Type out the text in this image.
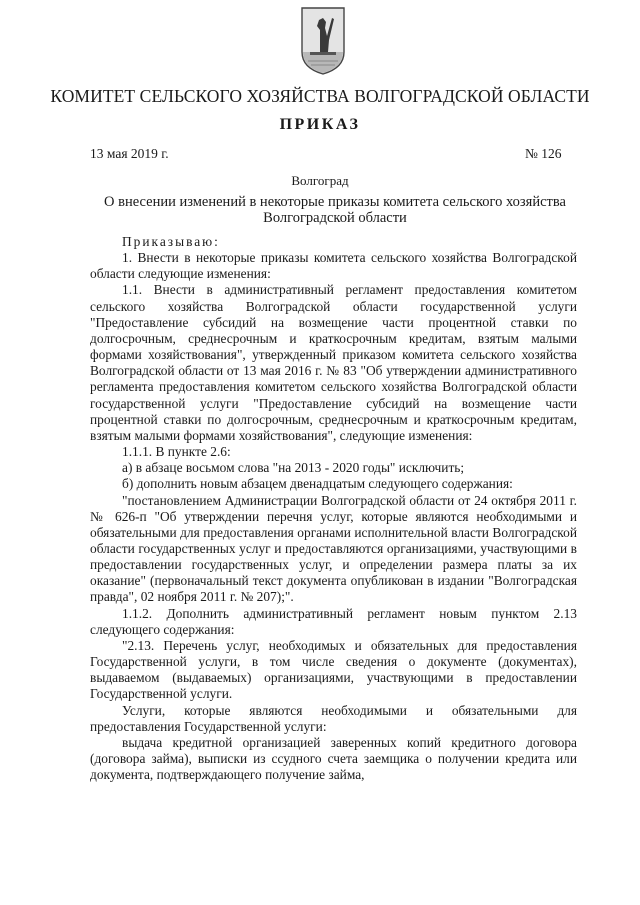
КОМИТЕТ СЕЛЬСКОГО ХОЗЯЙСТВА ВОЛГОГРАДСКОЙ ОБЛАСТИ
ПРИКАЗ
13 мая 2019 г.	№ 126
Волгоград
О внесении изменений в некоторые приказы комитета сельского хозяйства Волгоградской области

Приказываю:

1. Внести в некоторые приказы комитета сельского хозяйства Волгоградской области следующие изменения:

1.1. Внести в административный регламент предоставления комитетом сельского хозяйства Волгоградской области государственной услуги "Предоставление субсидий на возмещение части процентной ставки по долгосрочным, среднесрочным и краткосрочным кредитам, взятым малыми формами хозяйствования", утвержденный приказом комитета сельского хозяйства Волгоградской области от 13 мая 2016 г. № 83 "Об утверждении административного регламента предоставления комитетом сельского хозяйства Волгоградской области государственной услуги "Предоставление субсидий на возмещение части процентной ставки по долгосрочным, среднесрочным и краткосрочным кредитам, взятым малыми формами хозяйствования", следующие изменения:

1.1.1. В пункте 2.6:

а) в абзаце восьмом слова "на 2013 - 2020 годы" исключить;

б) дополнить новым абзацем двенадцатым следующего содержания:

"постановлением Администрации Волгоградской области от 24 октября 2011 г. № 626-п "Об утверждении перечня услуг, которые являются необходимыми и обязательными для предоставления органами исполнительной власти Волгоградской области государственных услуг и предоставляются организациями, участвующими в предоставлении государственных услуг, и определении размера платы за их оказание" (первоначальный текст документа опубликован в издании "Волгоградская правда", 02 ноября 2011 г. № 207);".

1.1.2. Дополнить административный регламент новым пунктом 2.13 следующего содержания:

"2.13. Перечень услуг, необходимых и обязательных для предоставления Государственной услуги, в том числе сведения о документе (документах), выдаваемом (выдаваемых) организациями, участвующими в предоставлении Государственной услуги.

Услуги, которые являются необходимыми и обязательными для предоставления Государственной услуги:

выдача кредитной организацией заверенных копий кредитного договора (договора займа), выписки из ссудного счета заемщика о получении кредита или документа, подтверждающего получение займа,
